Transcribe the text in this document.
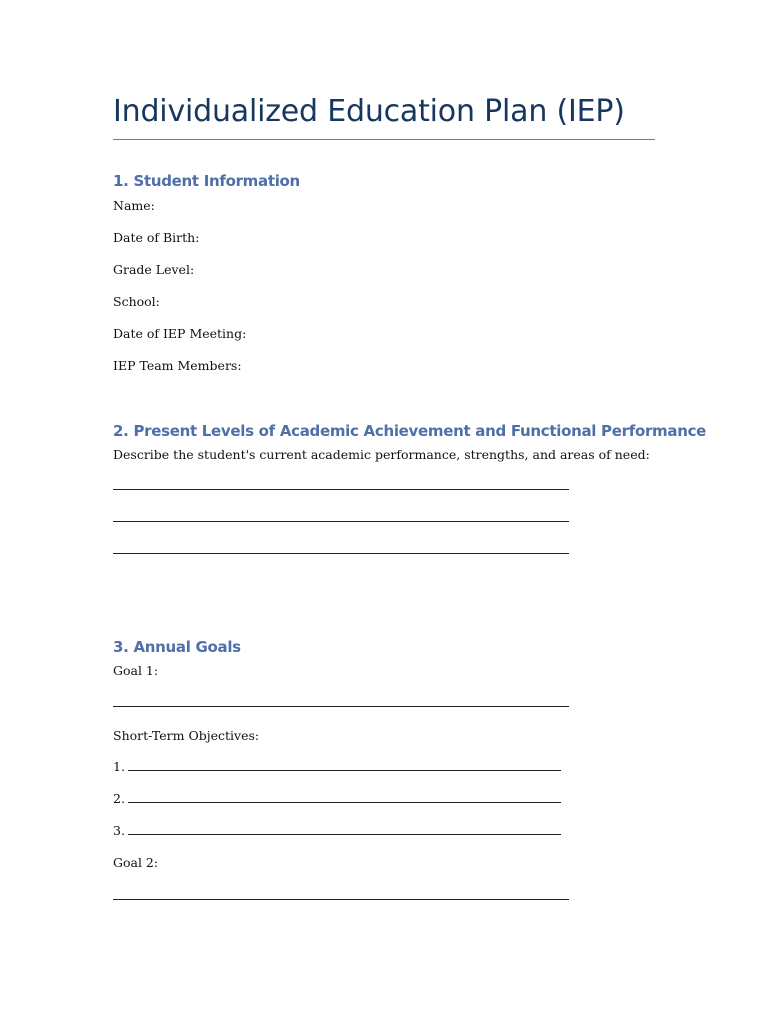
Individualized Education Plan (IEP)
1. Student Information
Name:
Date of Birth:
Grade Level:
School:
Date of IEP Meeting:
IEP Team Members:
2. Present Levels of Academic Achievement and Functional Performance
Describe the student's current academic performance, strengths, and areas of need:
3. Annual Goals
Goal 1:
Short-Term Objectives:
1.
2.
3.
Goal 2:
